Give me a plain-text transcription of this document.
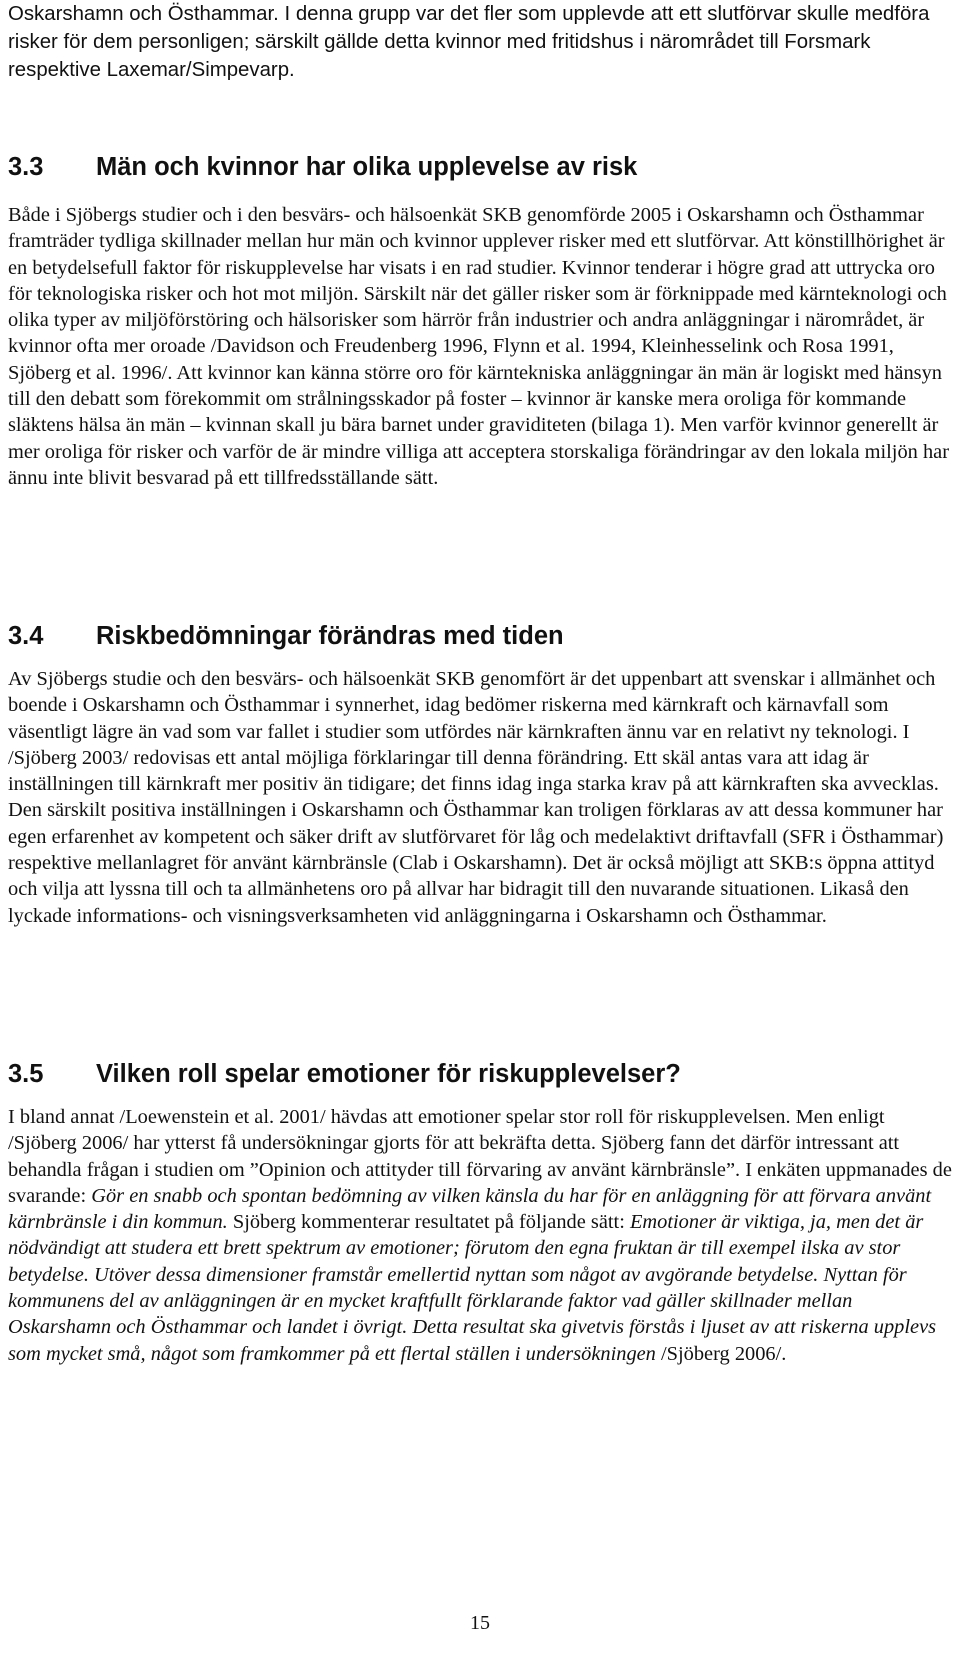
Oskarshamn och Östhammar. I denna grupp var det fler som upplevde att ett slutförvar skulle medföra risker för dem personligen; särskilt gällde detta kvinnor med fritidshus i närområdet till Forsmark respektive Laxemar/Simpevarp.

3.3 Män och kvinnor har olika upplevelse av risk

Både i Sjöbergs studier och i den besvärs- och hälsoenkät SKB genomförde 2005 i Oskarshamn och Östhammar framträder tydliga skillnader mellan hur män och kvinnor upplever risker med ett slutförvar. Att könstillhörighet är en betydelsefull faktor för riskupplevelse har visats i en rad studier. Kvinnor tenderar i högre grad att uttrycka oro för teknologiska risker och hot mot miljön. Särskilt när det gäller risker som är förknippade med kärnteknologi och olika typer av miljöförstöring och hälsorisker som härrör från industrier och andra anläggningar i närområdet, är kvinnor ofta mer oroade /Davidson och Freudenberg 1996, Flynn et al. 1994, Kleinhesselink och Rosa 1991, Sjöberg et al. 1996/. Att kvinnor kan känna större oro för kärntekniska anläggningar än män är logiskt med hänsyn till den debatt som förekommit om strålningsskador på foster – kvinnor är kanske mera oroliga för kommande släktens hälsa än män – kvinnan skall ju bära barnet under graviditeten (bilaga 1). Men varför kvinnor generellt är mer oroliga för risker och varför de är mindre villiga att acceptera storskaliga förändringar av den lokala miljön har ännu inte blivit besvarad på ett tillfredsställande sätt.

3.4 Riskbedömningar förändras med tiden

Av Sjöbergs studie och den besvärs- och hälsoenkät SKB genomfört är det uppenbart att svenskar i allmänhet och boende i Oskarshamn och Östhammar i synnerhet, idag bedömer riskerna med kärnkraft och kärnavfall som väsentligt lägre än vad som var fallet i studier som utfördes när kärnkraften ännu var en relativt ny teknologi. I /Sjöberg 2003/ redovisas ett antal möjliga förklaringar till denna förändring. Ett skäl antas vara att idag är inställningen till kärnkraft mer positiv än tidigare; det finns idag inga starka krav på att kärnkraften ska avvecklas. Den särskilt positiva inställningen i Oskarshamn och Östhammar kan troligen förklaras av att dessa kommuner har egen erfarenhet av kompetent och säker drift av slutförvaret för låg och medelaktivt driftavfall (SFR i Östhammar) respektive mellanlagret för använt kärnbränsle (Clab i Oskarshamn). Det är också möjligt att SKB:s öppna attityd och vilja att lyssna till och ta allmänhetens oro på allvar har bidragit till den nuvarande situationen. Likaså den lyckade informations- och visningsverksamheten vid anläggningarna i Oskarshamn och Östhammar.

3.5 Vilken roll spelar emotioner för riskupplevelser?

I bland annat /Loewenstein et al. 2001/ hävdas att emotioner spelar stor roll för riskupplevelsen. Men enligt /Sjöberg 2006/ har ytterst få undersökningar gjorts för att bekräfta detta. Sjöberg fann det därför intressant att behandla frågan i studien om ”Opinion och attityder till förvaring av använt kärnbränsle”. I enkäten uppmanades de svarande: Gör en snabb och spontan bedömning av vilken känsla du har för en anläggning för att förvara använt kärnbränsle i din kommun. Sjöberg kommenterar resultatet på följande sätt: Emotioner är viktiga, ja, men det är nödvändigt att studera ett brett spektrum av emotioner; förutom den egna fruktan är till exempel ilska av stor betydelse. Utöver dessa dimensioner framstår emellertid nyttan som något av avgörande betydelse. Nyttan för kommunens del av anläggningen är en mycket kraftfullt förklarande faktor vad gäller skillnader mellan Oskarshamn och Östhammar och landet i övrigt. Detta resultat ska givetvis förstås i ljuset av att riskerna upplevs som mycket små, något som framkommer på ett flertal ställen i undersökningen /Sjöberg 2006/.

15
